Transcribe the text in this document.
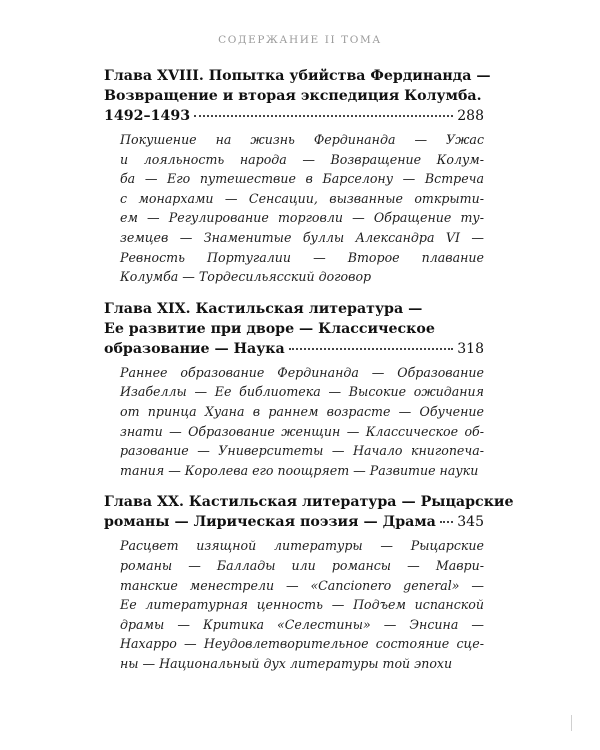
СОДЕРЖАНИЕ II ТОМА
Глава XVIII. Попытка убийства Фердинанда —
Возвращение и вторая экспедиция Колумба.
1492–1493	288
Покушение на жизнь Фердинанда — Ужас
и лояльность народа — Возвращение Колум-
ба — Его путешествие в Барселону — Встреча
с монархами — Сенсации, вызванные открыти-
ем — Регулирование торговли — Обращение ту-
земцев — Знаменитые буллы Александра VI —
Ревность Португалии — Второе плавание
Колумба — Тордесильясский договор
Глава XIX. Кастильская литература —
Ее развитие при дворе — Классическое
образование — Наука	318
Раннее образование Фердинанда — Образование
Изабеллы — Ее библиотека — Высокие ожидания
от принца Хуана в раннем возрасте — Обучение
знати — Образование женщин — Классическое об-
разование — Университеты — Начало книгопеча-
тания — Королева его поощряет — Развитие науки
Глава XX. Кастильская литература — Рыцарские
романы — Лирическая поэзия — Драма 345
Расцвет изящной литературы — Рыцарские
романы — Баллады или романсы — Маври-
танские менестрели — «Cancionero general» —
Ее литературная ценность — Подъем испанской
драмы — Критика «Селестины» — Энсина —
Нахарро — Неудовлетворительное состояние сце-
ны — Национальный дух литературы той эпохи
